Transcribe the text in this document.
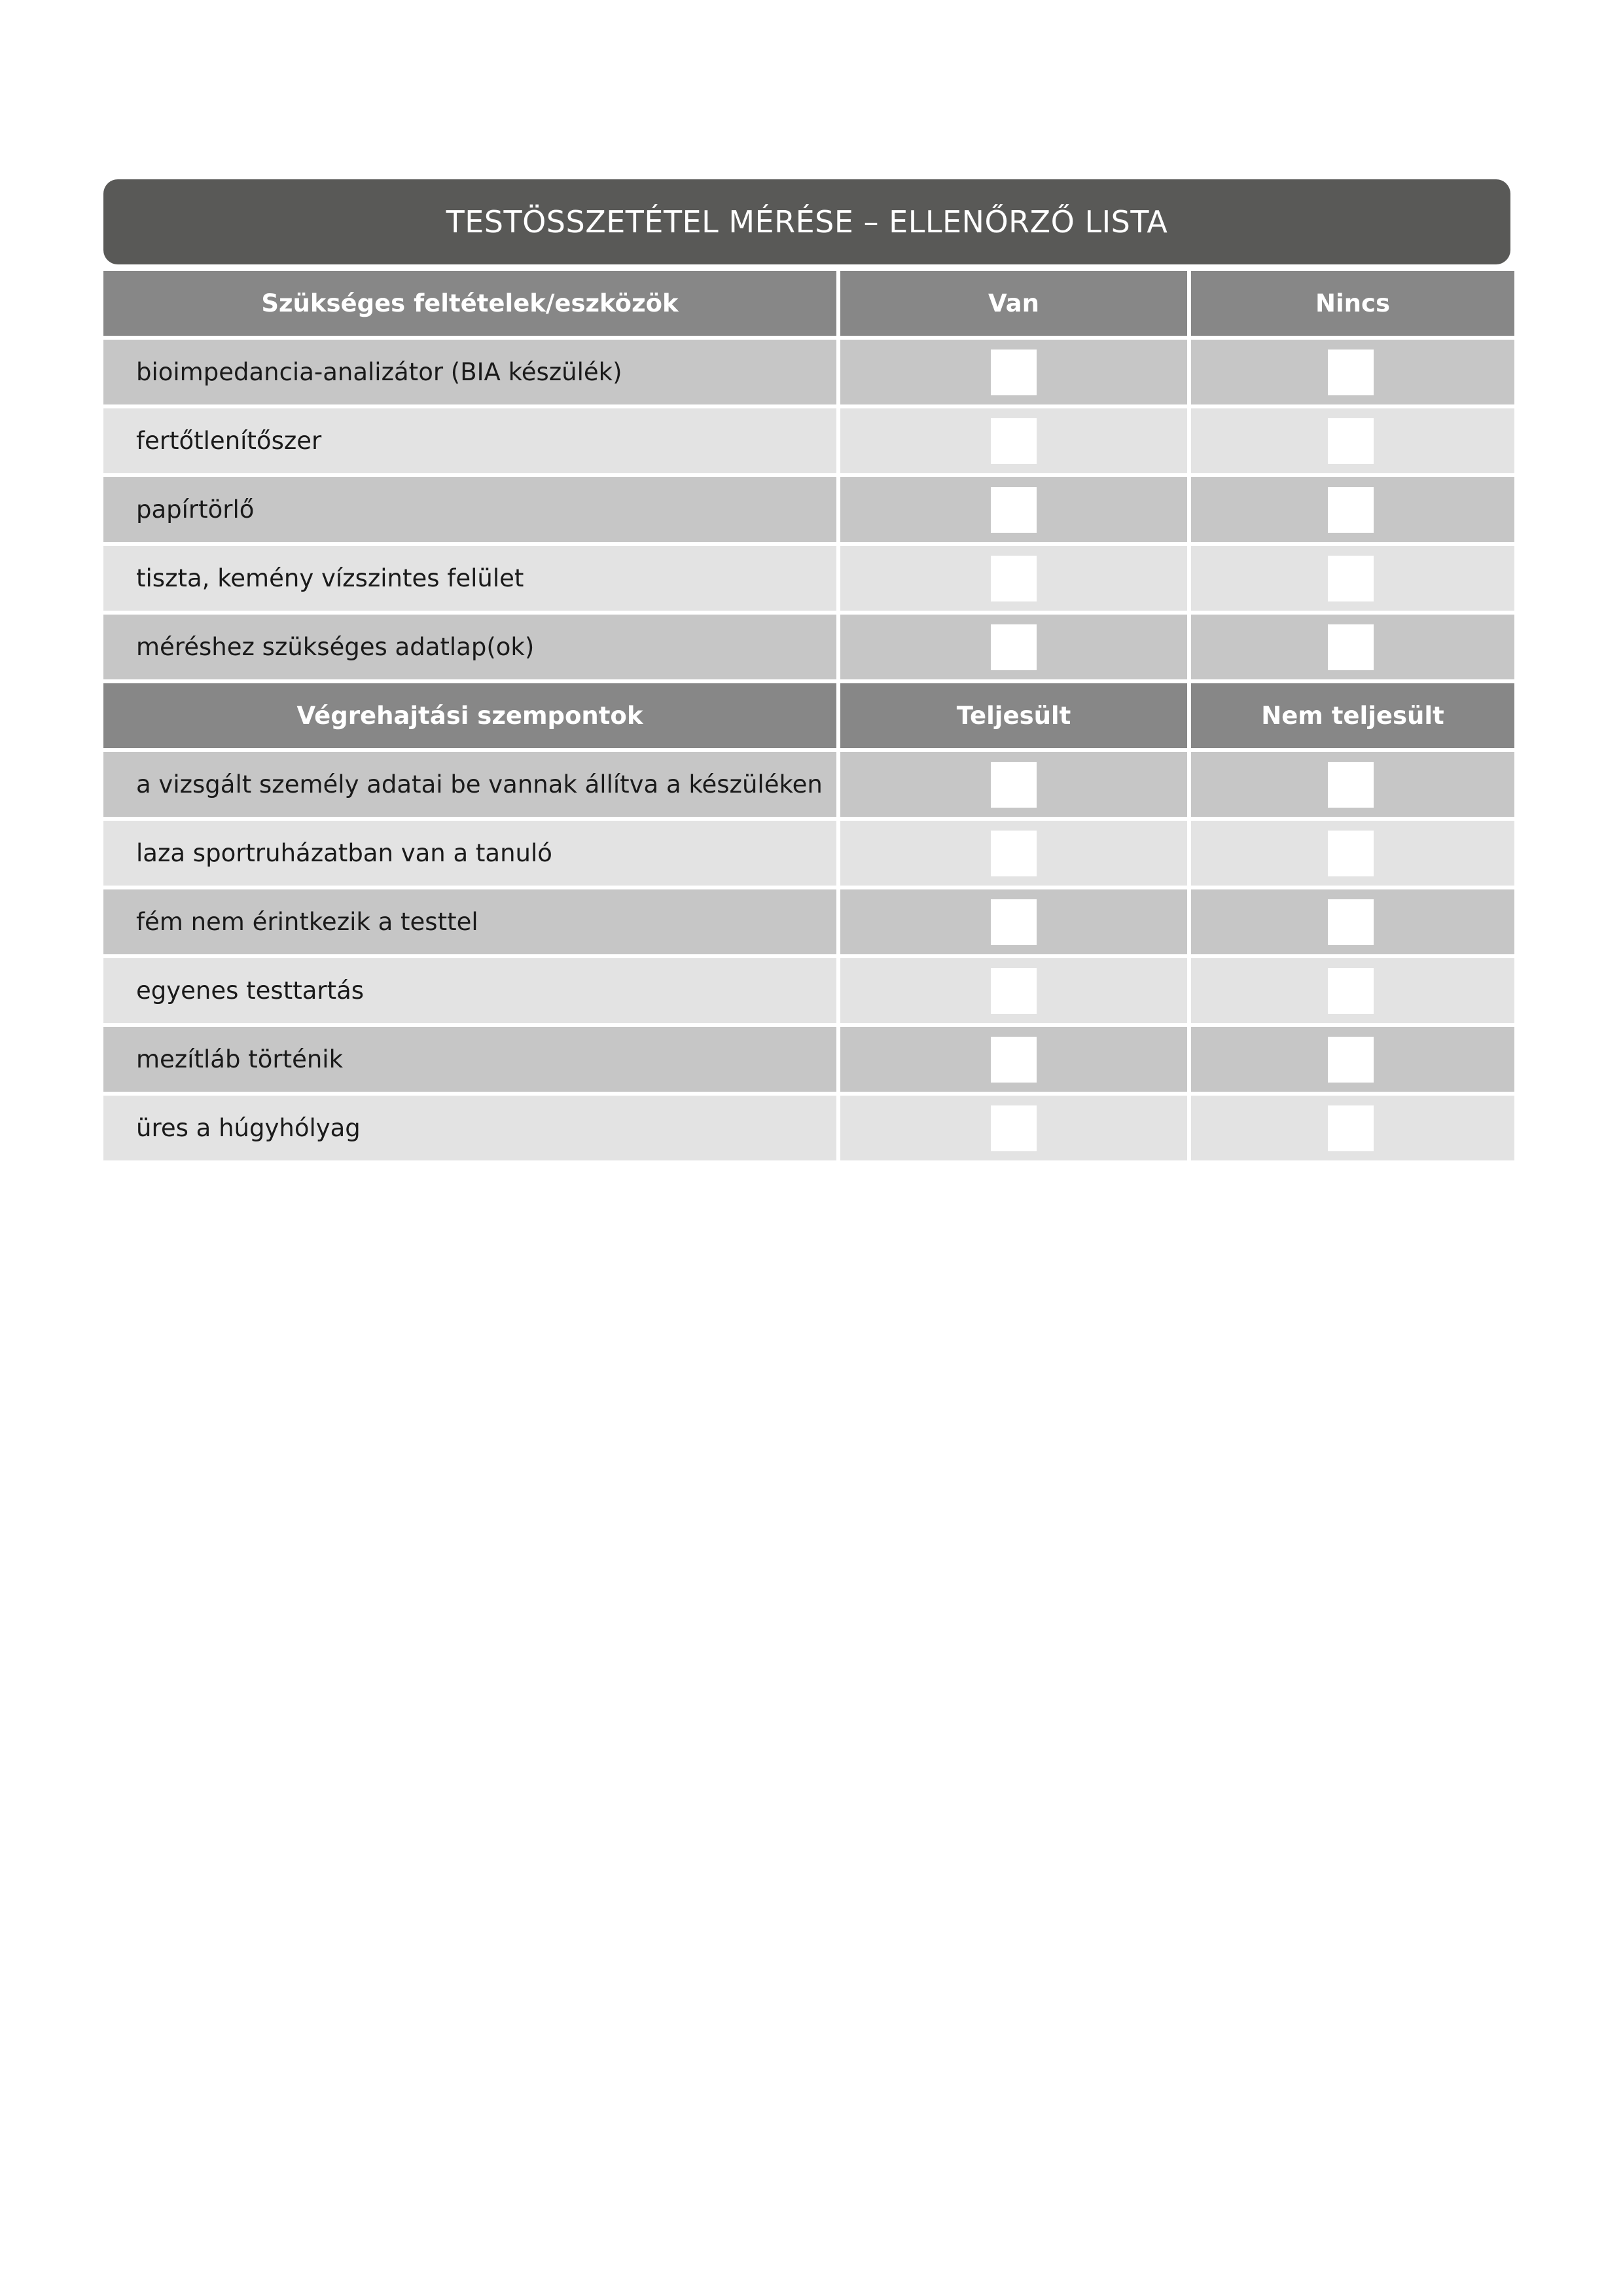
TESTÖSSZETÉTEL MÉRÉSE – ELLENŐRZŐ LISTA
Szükséges feltételek/eszközök	Van	Nincs
bioimpedancia-analizátor (BIA készülék)
fertőtlenítőszer
papírtörlő
tiszta, kemény vízszintes felület
méréshez szükséges adatlap(ok)
Végrehajtási szempontok	Teljesült	Nem teljesült
a vizsgált személy adatai be vannak állítva a készüléken
laza sportruházatban van a tanuló
fém nem érintkezik a testtel
egyenes testtartás
mezítláb történik
üres a húgyhólyag
